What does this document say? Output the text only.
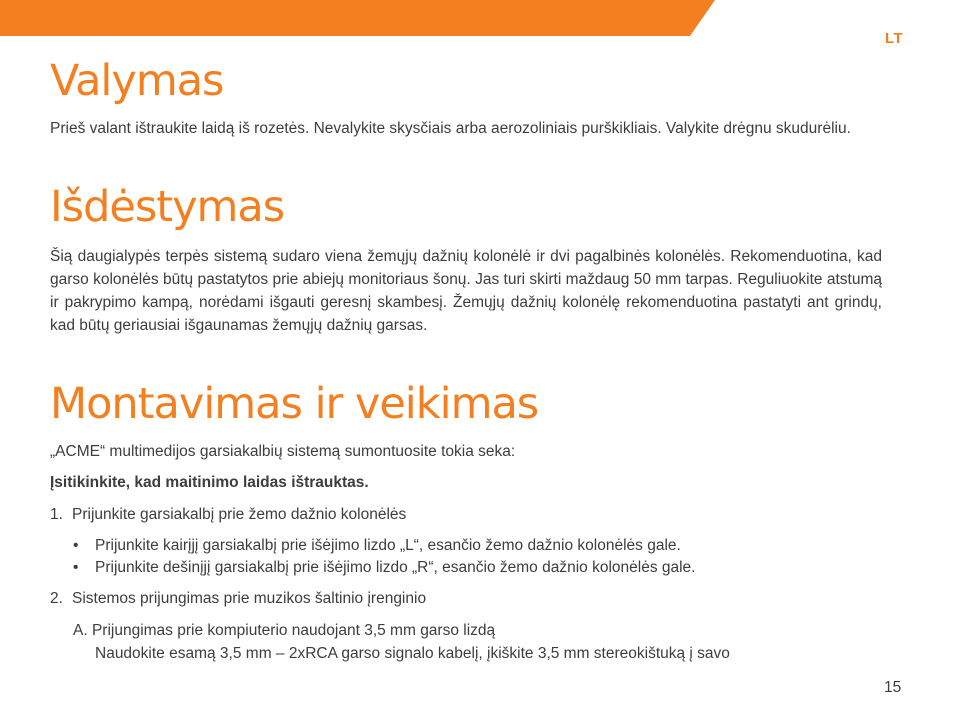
LT
Valymas

Prieš valant ištraukite laidą iš rozetės. Nevalykite skysčiais arba aerozoliniais purškikliais. Valykite drėgnu skudurėliu.

Išdėstymas

Šią daugialypės terpės sistemą sudaro viena žemųjų dažnių kolonėlė ir dvi pagalbinės kolonėlės. Rekomenduotina, kad garso kolonėlės būtų pastatytos prie abiejų monitoriaus šonų. Jas turi skirti maždaug 50 mm tarpas. Reguliuokite atstumą ir pakrypimo kampą, norėdami išgauti geresnį skambesį. Žemųjų dažnių kolonėlę rekomenduotina pastatyti ant grindų, kad būtų geriausiai išgaunamas žemųjų dažnių garsas.

Montavimas ir veikimas

„ACME“ multimedijos garsiakalbių sistemą sumontuosite tokia seka:

Įsitikinkite, kad maitinimo laidas ištrauktas.

1. Prijunkite garsiakalbį prie žemo dažnio kolonėlės

• Prijunkite kairįjį garsiakalbį prie išėjimo lizdo „L“, esančio žemo dažnio kolonėlės gale.
• Prijunkite dešinįjį garsiakalbį prie išėjimo lizdo „R“, esančio žemo dažnio kolonėlės gale.

2. Sistemos prijungimas prie muzikos šaltinio įrenginio

A. Prijungimas prie kompiuterio naudojant 3,5 mm garso lizdą

Naudokite esamą 3,5 mm – 2xRCA garso signalo kabelį, įkiškite 3,5 mm stereokištuką į savo

15
